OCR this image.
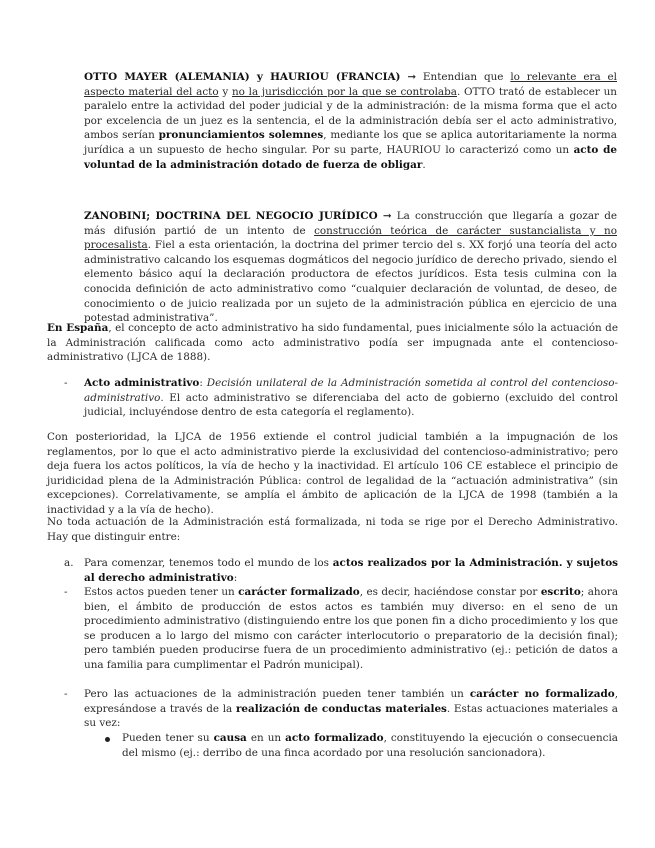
OTTO MAYER (ALEMANIA) y HAURIOU (FRANCIA) ➞ Entendian que lo relevante era el aspecto material del acto y no la jurisdicción por la que se controlaba. OTTO trató de establecer un paralelo entre la actividad del poder judicial y de la administración: de la misma forma que el acto por excelencia de un juez es la sentencia, el de la administración debía ser el acto administrativo, ambos serían pronunciamientos solemnes, mediante los que se aplica autoritariamente la norma jurídica a un supuesto de hecho singular. Por su parte, HAURIOU lo caracterizó como un acto de voluntad de la administración dotado de fuerza de obligar.

ZANOBINI; DOCTRINA DEL NEGOCIO JURÍDICO ➞ La construcción que llegaría a gozar de más difusión partió de un intento de construcción teórica de carácter sustancialista y no procesalista. Fiel a esta orientación, la doctrina del primer tercio del s. XX forjó una teoría del acto administrativo calcando los esquemas dogmáticos del negocio jurídico de derecho privado, siendo el elemento básico aquí la declaración productora de efectos jurídicos. Esta tesis culmina con la conocida definición de acto administrativo como “cualquier declaración de voluntad, de deseo, de conocimiento o de juicio realizada por un sujeto de la administración pública en ejercicio de una potestad administrativa”.

En España, el concepto de acto administrativo ha sido fundamental, pues inicialmente sólo la actuación de la Administración calificada como acto administrativo podía ser impugnada ante el contencioso-administrativo (LJCA de 1888).

- Acto administrativo: Decisión unilateral de la Administración sometida al control del contencioso-administrativo. El acto administrativo se diferenciaba del acto de gobierno (excluido del control judicial, incluyéndose dentro de esta categoría el reglamento).

Con posterioridad, la LJCA de 1956 extiende el control judicial también a la impugnación de los reglamentos, por lo que el acto administrativo pierde la exclusividad del contencioso-administrativo; pero deja fuera los actos políticos, la vía de hecho y la inactividad. El artículo 106 CE establece el principio de juridicidad plena de la Administración Pública: control de legalidad de la “actuación administrativa” (sin excepciones). Correlativamente, se amplía el ámbito de aplicación de la LJCA de 1998 (también a la inactividad y a la vía de hecho).

No toda actuación de la Administración está formalizada, ni toda se rige por el Derecho Administrativo. Hay que distinguir entre:

a. Para comenzar, tenemos todo el mundo de los actos realizados por la Administración. y sujetos al derecho administrativo:

- Estos actos pueden tener un carácter formalizado, es decir, haciéndose constar por escrito; ahora bien, el ámbito de producción de estos actos es también muy diverso: en el seno de un procedimiento administrativo (distinguiendo entre los que ponen fin a dicho procedimiento y los que se producen a lo largo del mismo con carácter interlocutorio o preparatorio de la decisión final); pero también pueden producirse fuera de un procedimiento administrativo (ej.: petición de datos a una familia para cumplimentar el Padrón municipal).

- Pero las actuaciones de la administración pueden tener también un carácter no formalizado, expresándose a través de la realización de conductas materiales. Estas actuaciones materiales a su vez:

Pueden tener su causa en un acto formalizado, constituyendo la ejecución o consecuencia del mismo (ej.: derribo de una finca acordado por una resolución sancionadora).
